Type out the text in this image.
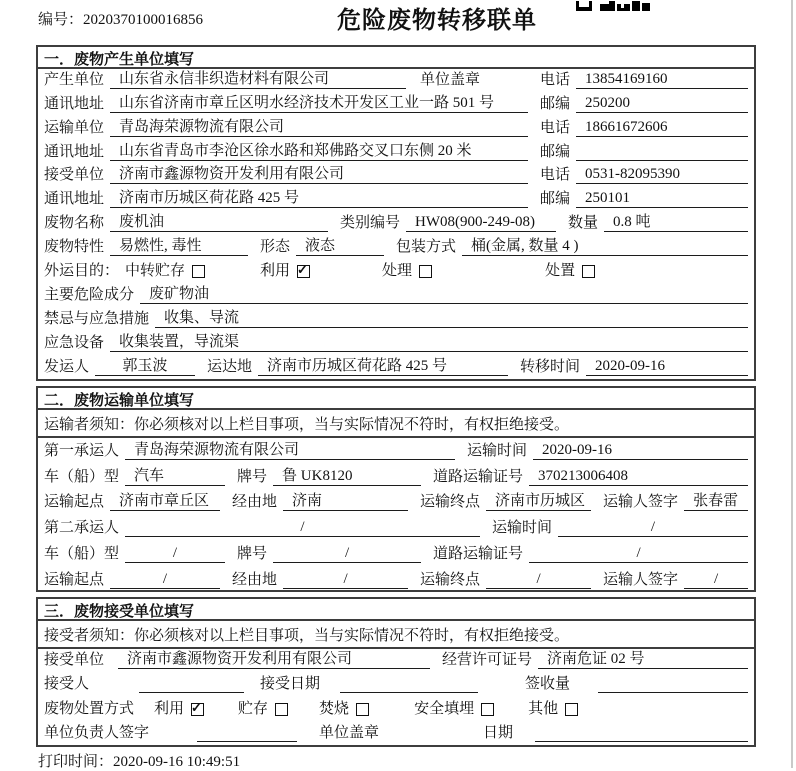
编号：2020370100016856	危险废物转移联单
一．废物产生单位填写
产生单位	山东省永信非织造材料有限公司	单位盖章	电话	13854169160
通讯地址	山东省济南市章丘区明水经济技术开发区工业一路 501 号	邮编	250200
运输单位	青岛海荣源物流有限公司	电话	18661672606
通讯地址	山东省青岛市李沧区徐水路和郑佛路交叉口东侧 20 米	邮编
接受单位	济南市鑫源物资开发利用有限公司	电话	0531-82095390
通讯地址	济南市历城区荷花路 425 号	邮编	250101
废物名称	废机油	类别编号	HW08(900-249-08)	数量	0.8 吨
废物特性	易燃性, 毒性	形态	液态	包装方式	桶(金属, 数量 4 )
外运目的： 中转贮存	利用 ✓	处理	处置
主要危险成分	废矿物油
禁忌与应急措施	收集、导流
应急设备	收集装置，导流渠
发运人	郭玉波	运达地	济南市历城区荷花路 425 号	转移时间	2020-09-16
二．废物运输单位填写
运输者须知：你必须核对以上栏目事项，当与实际情况不符时，有权拒绝接受。
第一承运人	青岛海荣源物流有限公司	运输时间	2020-09-16
车（船）型	汽车	牌号	鲁 UK8120	道路运输证号	370213006408
运输起点	济南市章丘区	经由地	济南	运输终点	济南市历城区	运输人签字	张春雷
第二承运人	/	运输时间	/
车（船）型	/	牌号	/	道路运输证号	/
运输起点	/	经由地	/	运输终点	/	运输人签字	/
三．废物接受单位填写
接受者须知：你必须核对以上栏目事项，当与实际情况不符时，有权拒绝接受。
接受单位	济南市鑫源物资开发利用有限公司	经营许可证号	济南危证 02 号
接受人	接受日期	签收量
废物处置方式 利用 ✓	贮存	焚烧	安全填埋	其他
单位负责人签字	单位盖章	日期
打印时间：2020-09-16 10:49:51
